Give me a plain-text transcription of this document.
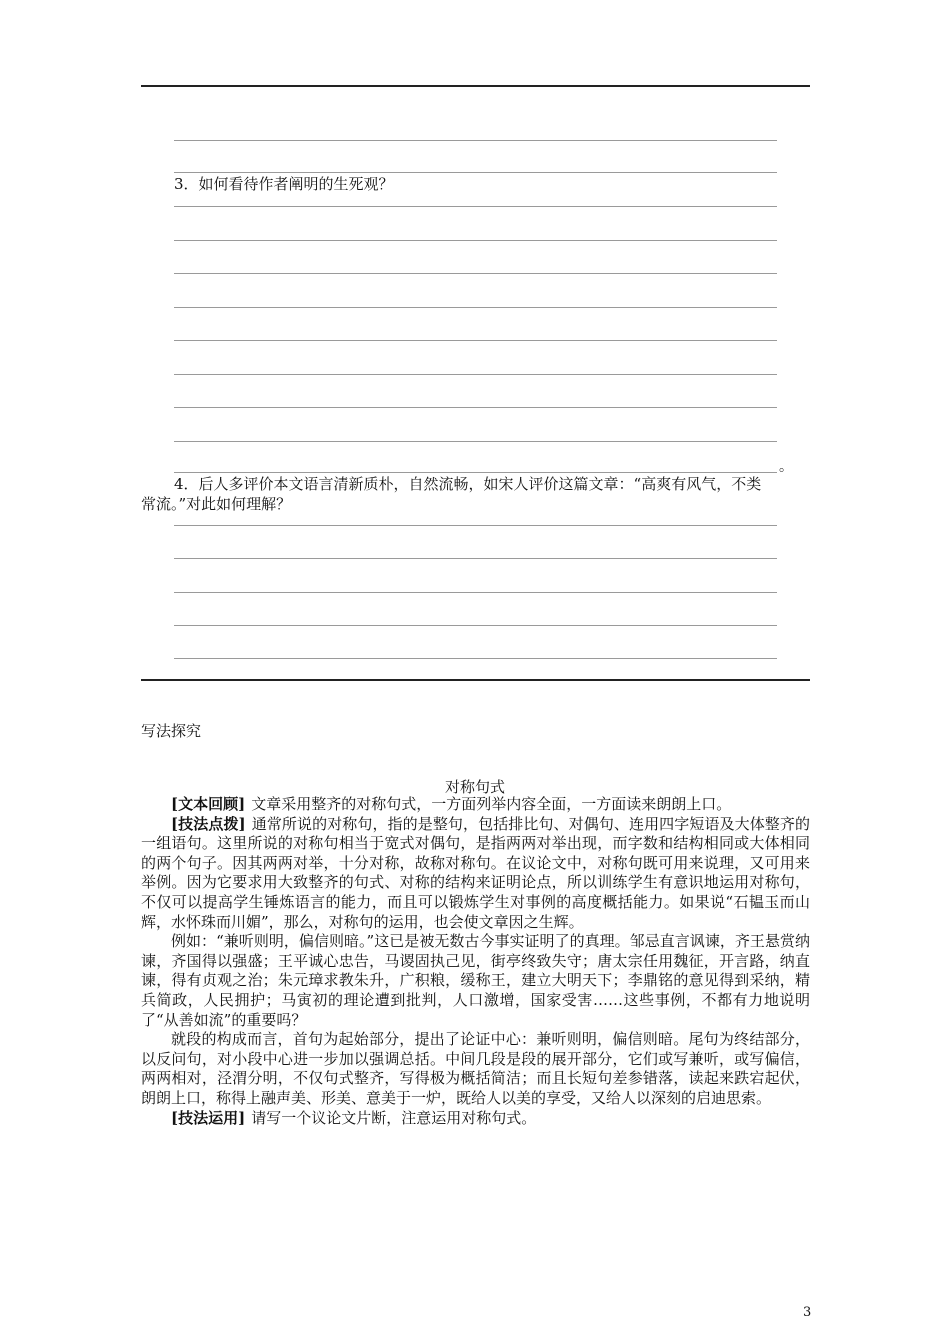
3．如何看待作者阐明的生死观？
。
4．后人多评价本文语言清新质朴，自然流畅，如宋人评价这篇文章：“高爽有风气，不类
常流。”对此如何理解？
写法探究
对称句式

[文本回顾] 文章采用整齐的对称句式，一方面列举内容全面，一方面读来朗朗上口。

[技法点拨] 通常所说的对称句，指的是整句，包括排比句、对偶句、连用四字短语及大体整齐的一组语句。这里所说的对称句相当于宽式对偶句，是指两两对举出现，而字数和结构相同或大体相同的两个句子。因其两两对举，十分对称，故称对称句。在议论文中，对称句既可用来说理，又可用来举例。因为它要求用大致整齐的句式、对称的结构来证明论点，所以训练学生有意识地运用对称句，不仅可以提高学生锤炼语言的能力，而且可以锻炼学生对事例的高度概括能力。如果说“石韫玉而山辉，水怀珠而川媚”，那么，对称句的运用，也会使文章因之生辉。

例如：“兼听则明，偏信则暗。”这已是被无数古今事实证明了的真理。邹忌直言讽谏，齐王悬赏纳谏，齐国得以强盛；王平诚心忠告，马谡固执己见，街亭终致失守；唐太宗任用魏征，开言路，纳直谏，得有贞观之治；朱元璋求教朱升，广积粮，缓称王，建立大明天下；李鼎铭的意见得到采纳，精兵简政，人民拥护；马寅初的理论遭到批判，人口激增，国家受害……这些事例，不都有力地说明了“从善如流”的重要吗？

就段的构成而言，首句为起始部分，提出了论证中心：兼听则明，偏信则暗。尾句为终结部分，以反问句，对小段中心进一步加以强调总括。中间几段是段的展开部分，它们或写兼听，或写偏信，两两相对，泾渭分明，不仅句式整齐，写得极为概括简洁；而且长短句差参错落，读起来跌宕起伏，朗朗上口，称得上融声美、形美、意美于一炉，既给人以美的享受，又给人以深刻的启迪思索。

[技法运用] 请写一个议论文片断，注意运用对称句式。

3
